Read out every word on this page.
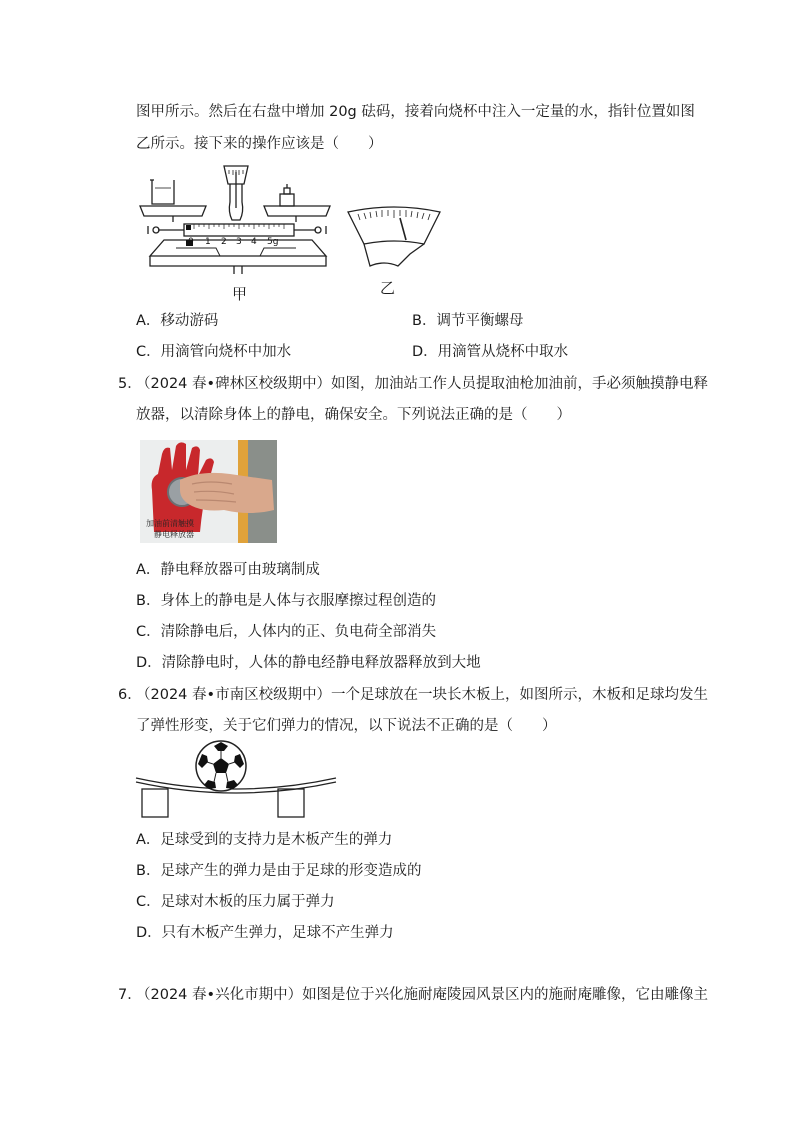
图甲所示。然后在右盘中增加 20g 砝码，接着向烧杯中注入一定量的水，指针位置如图
乙所示。接下来的操作应该是（　　）
0 1 2 3 4 5g
甲	乙
A．移动游码	B．调节平衡螺母
C．用滴管向烧杯中加水	D．用滴管从烧杯中取水
5．
（2024 春•碑林区校级期中）如图，加油站工作人员提取油枪加油前，手必须触摸静电释
放器，以清除身体上的静电，确保安全。下列说法正确的是（　　）
加油前清触摸
静电释放器
A．静电释放器可由玻璃制成
B．身体上的静电是人体与衣服摩擦过程创造的
C．清除静电后，人体内的正、负电荷全部消失
D．清除静电时，人体的静电经静电释放器释放到大地
6．
（2024 春•市南区校级期中）一个足球放在一块长木板上，如图所示，木板和足球均发生
了弹性形变，关于它们弹力的情况，以下说法不正确的是（　　）
A．足球受到的支持力是木板产生的弹力
B．足球产生的弹力是由于足球的形变造成的
C．足球对木板的压力属于弹力
D．只有木板产生弹力，足球不产生弹力
7．
（2024 春•兴化市期中）如图是位于兴化施耐庵陵园风景区内的施耐庵雕像，它由雕像主
